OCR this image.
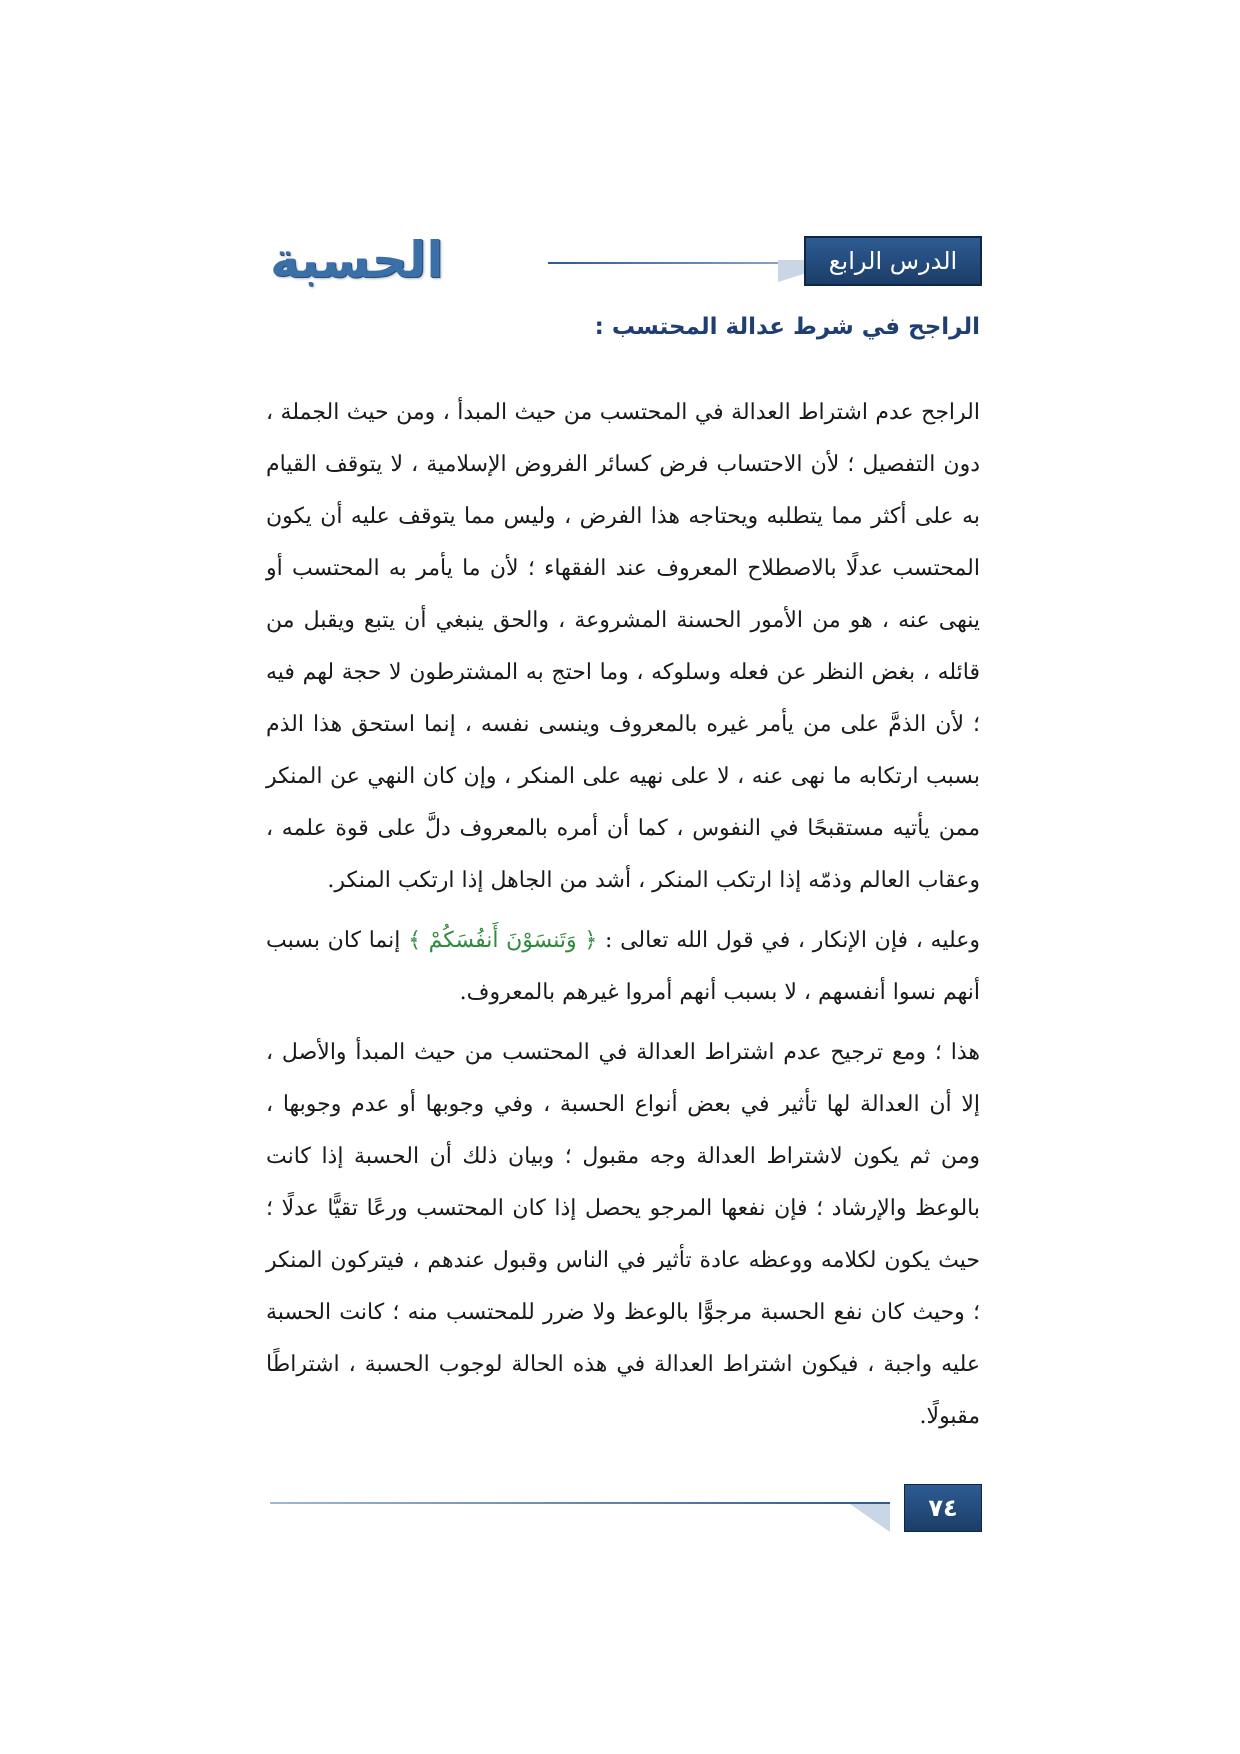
الحسبة	الدرس الرابع
الراجح في شرط عدالة المحتسب :

الراجح عدم اشتراط العدالة في المحتسب من حيث المبدأ ، ومن حيث الجملة ، دون التفصيل ؛ لأن الاحتساب فرض كسائر الفروض الإسلامية ، لا يتوقف القيام به على أكثر مما يتطلبه ويحتاجه هذا الفرض ، وليس مما يتوقف عليه أن يكون المحتسب عدلًا بالاصطلاح المعروف عند الفقهاء ؛ لأن ما يأمر به المحتسب أو ينهى عنه ، هو من الأمور الحسنة المشروعة ، والحق ينبغي أن يتبع ويقبل من قائله ، بغض النظر عن فعله وسلوكه ، وما احتج به المشترطون لا حجة لهم فيه ؛ لأن الذمَّ على من يأمر غيره بالمعروف وينسى نفسه ، إنما استحق هذا الذم بسبب ارتكابه ما نهى عنه ، لا على نهيه على المنكر ، وإن كان النهي عن المنكر ممن يأتيه مستقبحًا في النفوس ، كما أن أمره بالمعروف دلَّ على قوة علمه ، وعقاب العالم وذمّه إذا ارتكب المنكر ، أشد من الجاهل إذا ارتكب المنكر.

وعليه ، فإن الإنكار ، في قول الله تعالى : ﴿ وَتَنسَوْنَ أَنفُسَكُمْ ﴾ إنما كان بسبب أنهم نسوا أنفسهم ، لا بسبب أنهم أمروا غيرهم بالمعروف.

هذا ؛ ومع ترجيح عدم اشتراط العدالة في المحتسب من حيث المبدأ والأصل ، إلا أن العدالة لها تأثير في بعض أنواع الحسبة ، وفي وجوبها أو عدم وجوبها ، ومن ثم يكون لاشتراط العدالة وجه مقبول ؛ وبيان ذلك أن الحسبة إذا كانت بالوعظ والإرشاد ؛ فإن نفعها المرجو يحصل إذا كان المحتسب ورعًا تقيًّا عدلًا ؛ حيث يكون لكلامه ووعظه عادة تأثير في الناس وقبول عندهم ، فيتركون المنكر ؛ وحيث كان نفع الحسبة مرجوًّا بالوعظ ولا ضرر للمحتسب منه ؛ كانت الحسبة عليه واجبة ، فيكون اشتراط العدالة في هذه الحالة لوجوب الحسبة ، اشتراطًا مقبولًا.

٧٤
